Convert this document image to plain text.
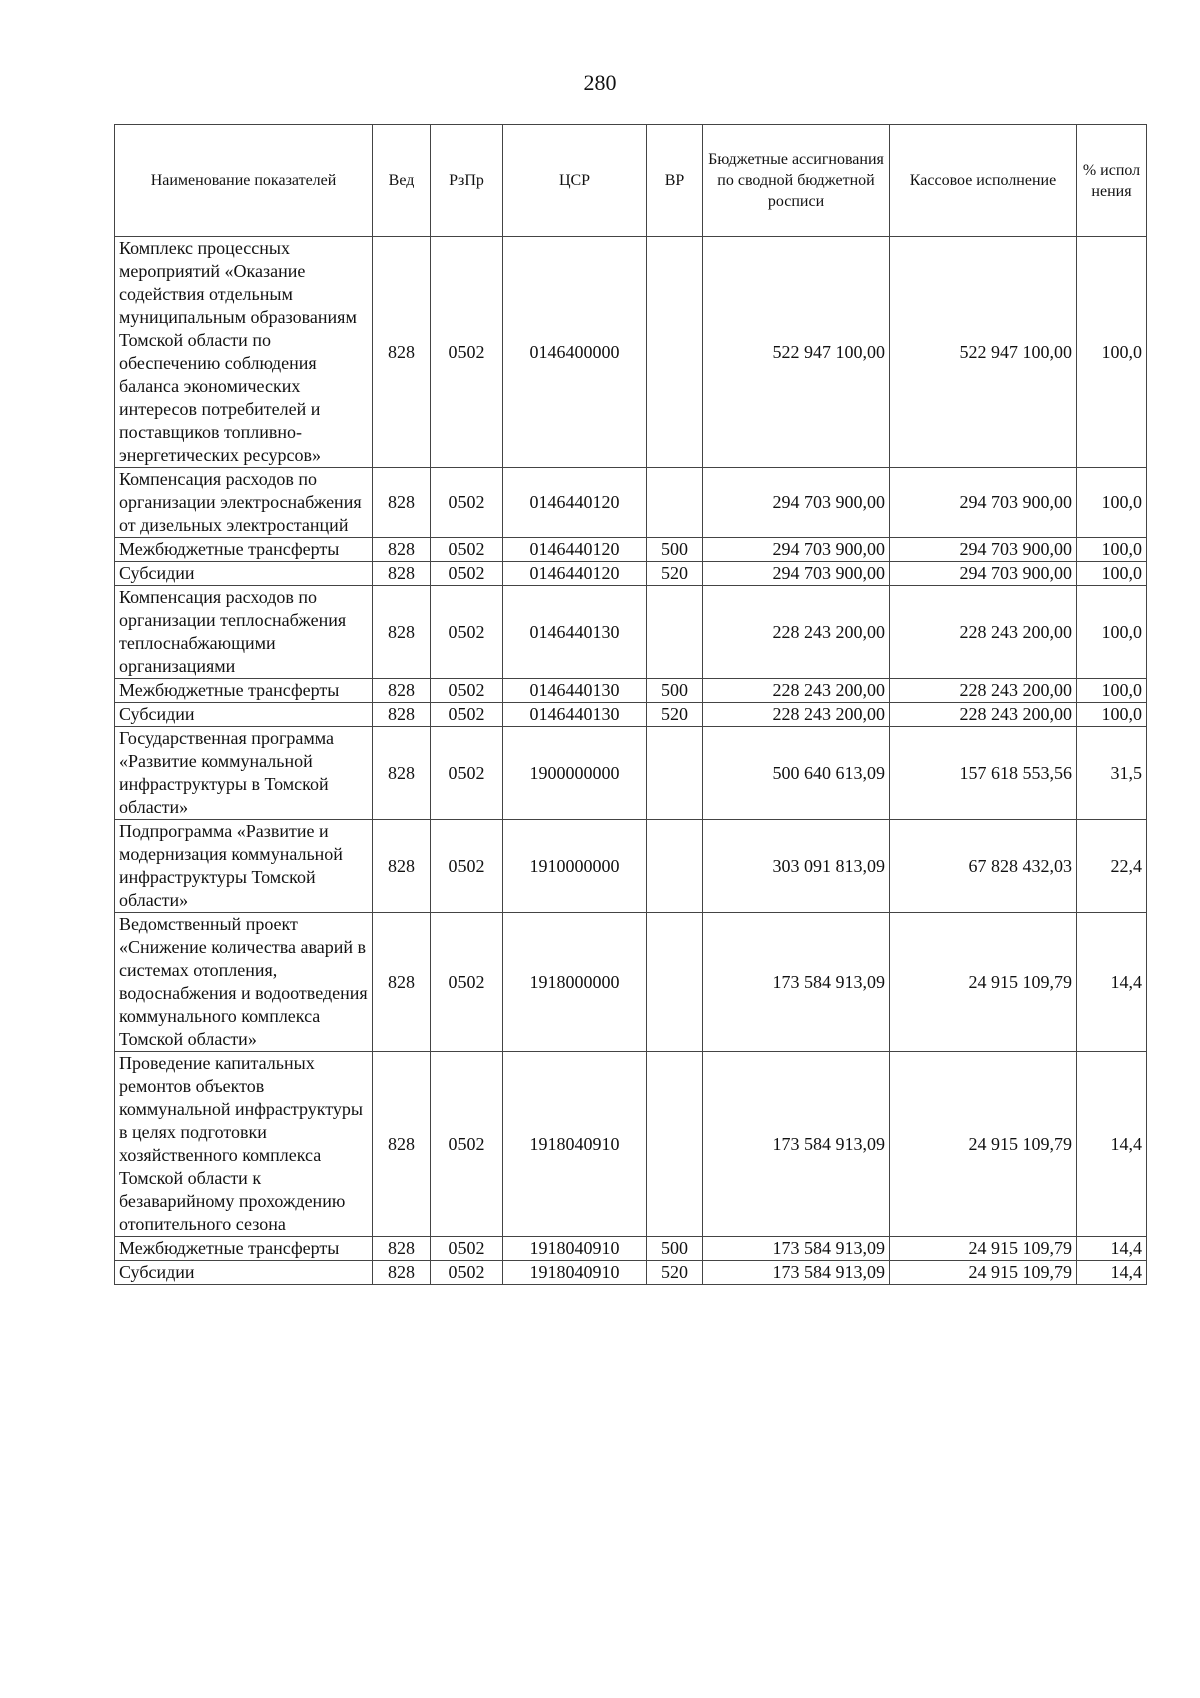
280
Наименование показателей	Вед	РзПр	ЦСР	ВР	Бюджетные ассигнования по сводной бюджетной росписи	Кассовое исполнение	% испол нения
Комплекс процессных мероприятий «Оказание содействия отдельным муниципальным образованиям Томской области по обеспечению соблюдения баланса экономических интересов потребителей и поставщиков топливно-энергетических ресурсов»	828	0502	0146400000		522 947 100,00	522 947 100,00	100,0
Компенсация расходов по организации электроснабжения от дизельных электростанций	828	0502	0146440120		294 703 900,00	294 703 900,00	100,0
Межбюджетные трансферты	828	0502	0146440120	500	294 703 900,00	294 703 900,00	100,0
Субсидии	828	0502	0146440120	520	294 703 900,00	294 703 900,00	100,0
Компенсация расходов по организации теплоснабжения теплоснабжающими организациями	828	0502	0146440130		228 243 200,00	228 243 200,00	100,0
Межбюджетные трансферты	828	0502	0146440130	500	228 243 200,00	228 243 200,00	100,0
Субсидии	828	0502	0146440130	520	228 243 200,00	228 243 200,00	100,0
Государственная программа «Развитие коммунальной инфраструктуры в Томской области»	828	0502	1900000000		500 640 613,09	157 618 553,56	31,5
Подпрограмма «Развитие и модернизация коммунальной инфраструктуры Томской области»	828	0502	1910000000		303 091 813,09	67 828 432,03	22,4
Ведомственный проект «Снижение количества аварий в системах отопления, водоснабжения и водоотведения коммунального комплекса Томской области»	828	0502	1918000000		173 584 913,09	24 915 109,79	14,4
Проведение капитальных ремонтов объектов коммунальной инфраструктуры в целях подготовки хозяйственного комплекса Томской области к безаварийному прохождению отопительного сезона	828	0502	1918040910		173 584 913,09	24 915 109,79	14,4
Межбюджетные трансферты	828	0502	1918040910	500	173 584 913,09	24 915 109,79	14,4
Субсидии	828	0502	1918040910	520	173 584 913,09	24 915 109,79	14,4
